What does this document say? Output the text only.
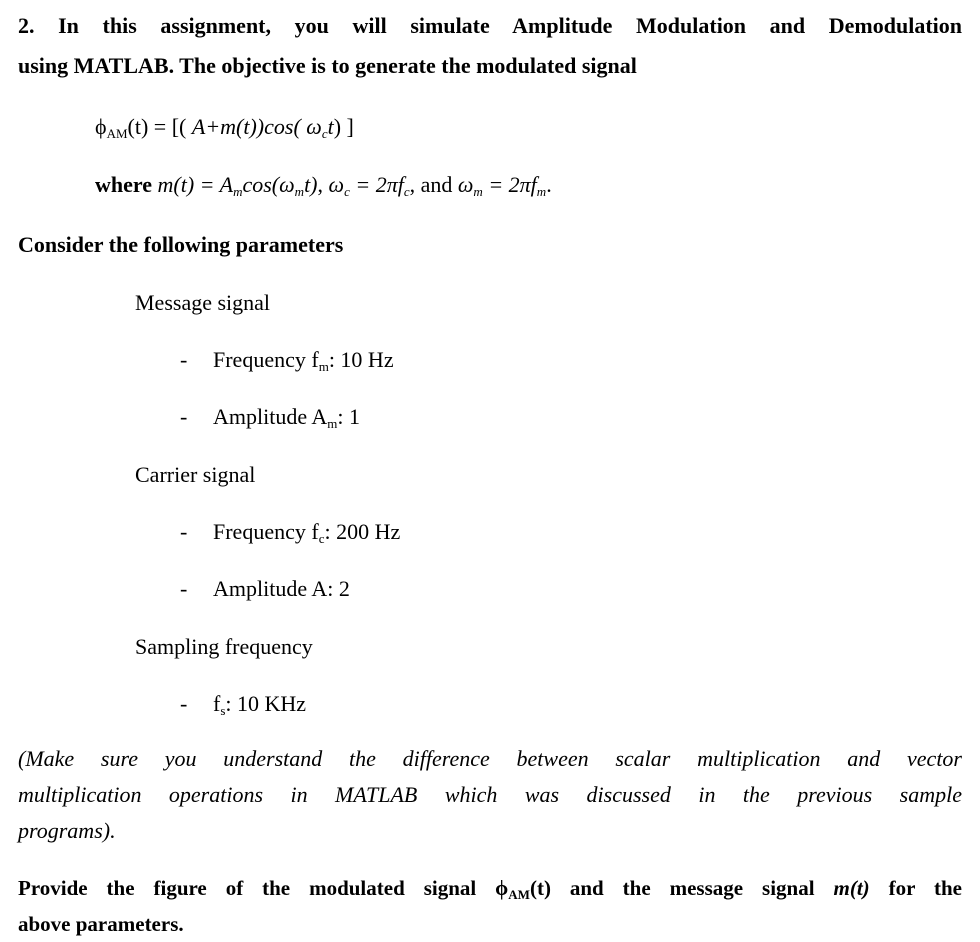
2. In this assignment, you will simulate Amplitude Modulation and Demodulation
using MATLAB. The objective is to generate the modulated signal

$\phi_{AM}(t)$ = [( A+m(t))cos( $\omega_ct$) ]

where $m(t) = A_m\cos(\omega_mt)$, $\omega_c = 2\pi f_c$, and $\omega_m = 2\pi f_m$.

Consider the following parameters

Message signal

- Frequency $f_m$: 10 Hz

- Amplitude $A_m$: 1

Carrier signal

- Frequency $f_c$: 200 Hz

- Amplitude A: 2

Sampling frequency

- $f_s$: 10 KHz

(Make sure you understand the difference between scalar multiplication and vector
multiplication operations in MATLAB which was discussed in the previous sample
programs).
Provide the figure of the modulated signal $\phi_{AM}(t)$ and the message signal m(t) for the
above parameters.
